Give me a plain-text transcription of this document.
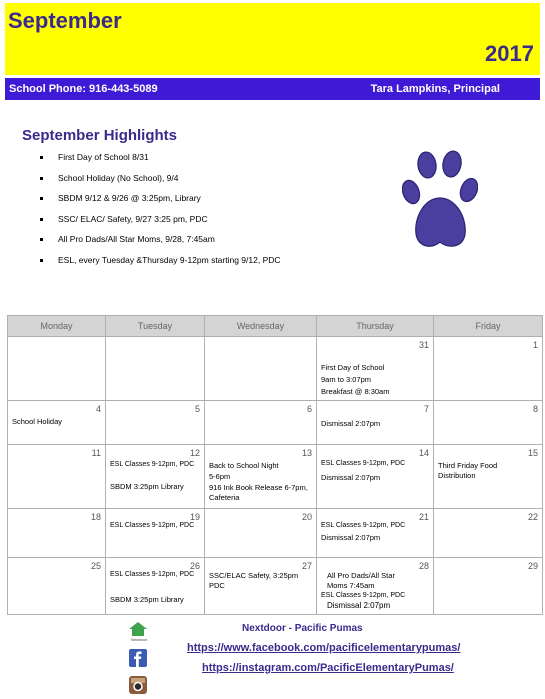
September
2017
School Phone: 916-443-5089	Tara Lampkins, Principal
September Highlights
First Day of School 8/31
School Holiday (No School), 9/4
SBDM 9/12 & 9/26 @ 3:25pm, Library
SSC/ ELAC/ Safety, 9/27 3:25 pm, PDC
All Pro Dads/All Star Moms, 9/28, 7:45am
ESL, every Tuesday &Thursday 9-12pm starting 9/12, PDC
Monday	Tuesday	Wednesday	Thursday	Friday

			31
First Day of School
9am to 3:07pm
Breakfast @ 8:30am	1

4
School Holiday	5	6	7
Dismissal 2:07pm	8

11	12
ESL Classes 9-12pm, PDC
SBDM 3:25pm Library	13
Back to School Night
5-6pm
916 Ink Book Release 6-7pm, Cafeteria	14
ESL Classes 9-12pm, PDC
Dismissal 2:07pm	15
Third Friday Food Distribution

18	19
ESL Classes 9-12pm, PDC	20	21
ESL Classes 9-12pm, PDC
Dismissal 2:07pm	22

25	26
ESL Classes 9-12pm, PDC
SBDM 3:25pm Library	27
SSC/ELAC Safety, 3:25pm PDC	28
All Pro Dads/All Star Moms 7:45am
ESL Classes 9-12pm, PDC
Dismissal 2:07pm	29
Nextdoor
Nextdoor - Pacific Pumas
https://www.facebook.com/pacificelementarypumas/
https://instagram.com/PacificElementaryPumas/
